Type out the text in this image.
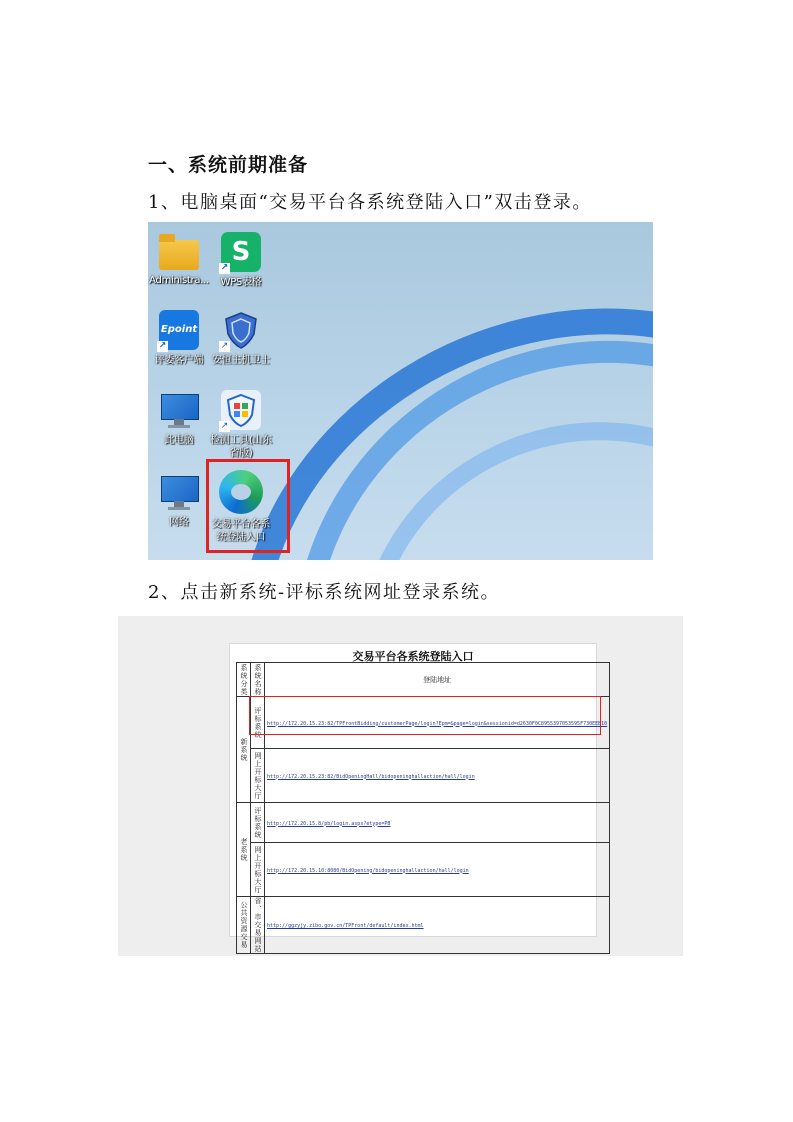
一、系统前期准备
1、电脑桌面“交易平台各系统登陆入口”双击登录。
Administra...
S
↗
WPS表格
Epoint
↗
评委客户端
↗
安恒主机卫士
此电脑
↗
检测工具(山东省版)
网络	交易平台各系统登陆入口
2、点击新系统-评标系统网址登录系统。
交易平台各系统登陆入口
系统分类	系统名称	登陆地址

新系统	评标系统	http://172.20.15.23:82/TPFrontBidding/customerPage/login?Epm=&page=login&sessionid=d2630F0C8955397053595F730EEB10

	网上开标大厅	http://172.20.15.23:82/BidOpeningHall/bidopeninghallaction/hall/login

老系统	评标系统	http://172.20.15.8/pb/login.aspx?etype=PB

	网上开标大厅	http://172.20.15.10:8080/BidOpening/bidopeninghallaction/hall/login

公共资源交易	省、市交易网站	http://ggzyjy.zibo.gov.cn/TPFront/default/index.html
